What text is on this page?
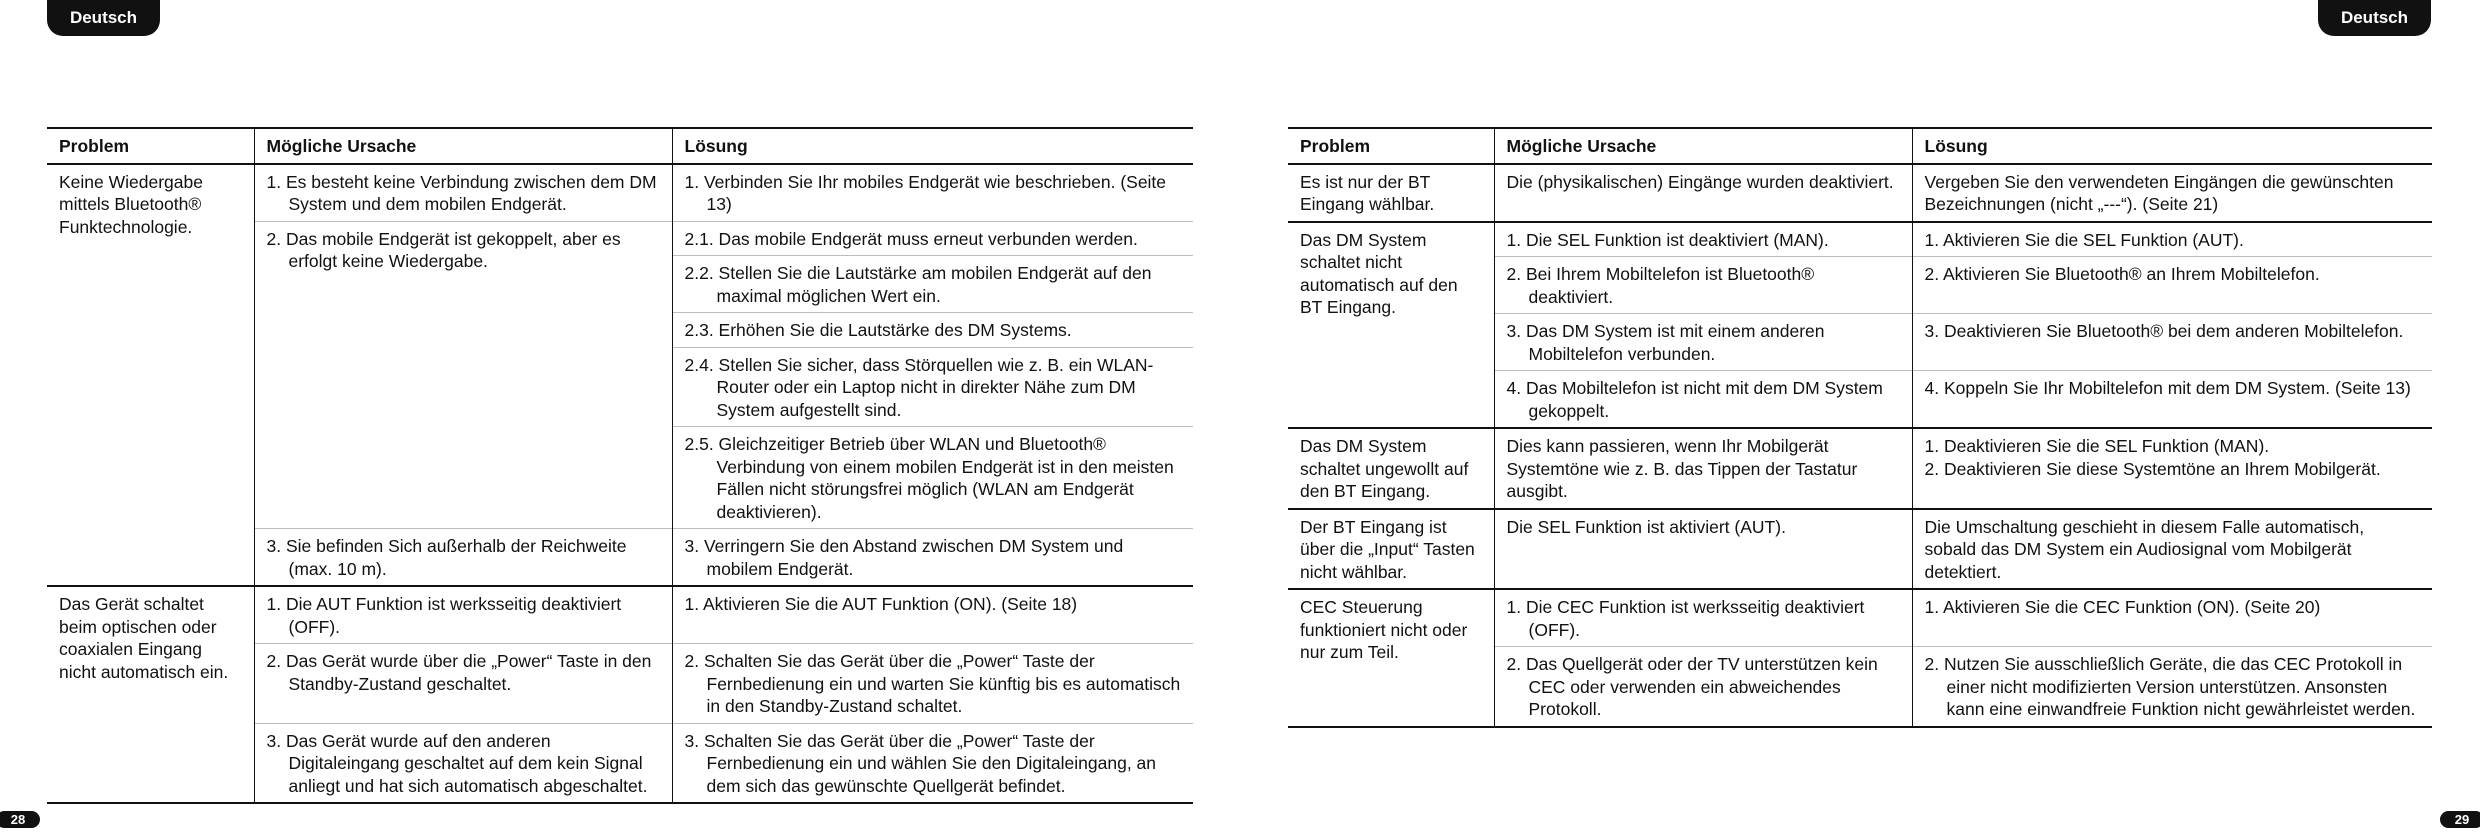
Deutsch	Deutsch
Problem	Mögliche Ursache	Lösung
Keine Wiedergabe mittels Bluetooth® Funktechnologie.	1. Es besteht keine Verbindung zwischen dem DM System und dem mobilen Endgerät.	1. Verbinden Sie Ihr mobiles Endgerät wie beschrieben. (Seite 13)

	2. Das mobile Endgerät ist gekoppelt, aber es erfolgt keine Wiedergabe.	2.1. Das mobile Endgerät muss erneut verbunden werden.

		2.2. Stellen Sie die Lautstärke am mobilen Endgerät auf den maximal möglichen Wert ein.

		2.3. Erhöhen Sie die Lautstärke des DM Systems.

		2.4. Stellen Sie sicher, dass Störquellen wie z. B. ein WLAN-Router oder ein Laptop nicht in direkter Nähe zum DM System aufgestellt sind.

		2.5. Gleichzeitiger Betrieb über WLAN und Bluetooth® Verbindung von einem mobilen Endgerät ist in den meisten Fällen nicht störungsfrei möglich (WLAN am Endgerät deaktivieren).

	3. Sie befinden Sich außerhalb der Reichweite (max. 10 m).	3. Verringern Sie den Abstand zwischen DM System und mobilem Endgerät.

Das Gerät schaltet beim optischen oder coaxialen Eingang nicht automatisch ein.	1. Die AUT Funktion ist werksseitig deaktiviert (OFF).	1. Aktivieren Sie die AUT Funktion (ON). (Seite 18)

	2. Das Gerät wurde über die „Power“ Taste in den Standby-Zustand geschaltet.	2. Schalten Sie das Gerät über die „Power“ Taste der Fernbedienung ein und warten Sie künftig bis es automatisch in den Standby-Zustand schaltet.

	3. Das Gerät wurde auf den anderen Digitaleingang geschaltet auf dem kein Signal anliegt und hat sich automatisch abgeschaltet.	3. Schalten Sie das Gerät über die „Power“ Taste der Fernbedienung ein und wählen Sie den Digitaleingang, an dem sich das gewünschte Quellgerät befindet.
Problem	Mögliche Ursache	Lösung
Es ist nur der BT Eingang wählbar.	Die (physikalischen) Eingänge wurden deaktiviert.	Vergeben Sie den verwendeten Eingängen die gewünschten Bezeichnungen (nicht „---“). (Seite 21)
Das DM System schaltet nicht automatisch auf den BT Eingang.	1. Die SEL Funktion ist deaktiviert (MAN).	1. Aktivieren Sie die SEL Funktion (AUT).

	2. Bei Ihrem Mobiltelefon ist Bluetooth® deaktiviert.	2. Aktivieren Sie Bluetooth® an Ihrem Mobiltelefon.

	3. Das DM System ist mit einem anderen Mobiltelefon verbunden.	3. Deaktivieren Sie Bluetooth® bei dem anderen Mobiltelefon.

	4. Das Mobiltelefon ist nicht mit dem DM System gekoppelt.	4. Koppeln Sie Ihr Mobiltelefon mit dem DM System. (Seite 13)

Das DM System schaltet ungewollt auf den BT Eingang.	Dies kann passieren, wenn Ihr Mobilgerät Systemtöne wie z. B. das Tippen der Tastatur ausgibt.	1. Deaktivieren Sie die SEL Funktion (MAN).
2. Deaktivieren Sie diese Systemtöne an Ihrem Mobilgerät.

Der BT Eingang ist über die „Input“ Tasten nicht wählbar.	Die SEL Funktion ist aktiviert (AUT).	Die Umschaltung geschieht in diesem Falle automatisch, sobald das DM System ein Audiosignal vom Mobilgerät detektiert.
CEC Steuerung funktioniert nicht oder nur zum Teil.	1. Die CEC Funktion ist werksseitig deaktiviert (OFF).	1. Aktivieren Sie die CEC Funktion (ON). (Seite 20)

	2. Das Quellgerät oder der TV unterstützen kein CEC oder verwenden ein abweichendes Protokoll.	2. Nutzen Sie ausschließlich Geräte, die das CEC Protokoll in einer nicht modifizierten Version unterstützen. Ansonsten kann eine einwandfreie Funktion nicht gewährleistet werden.
28	29
